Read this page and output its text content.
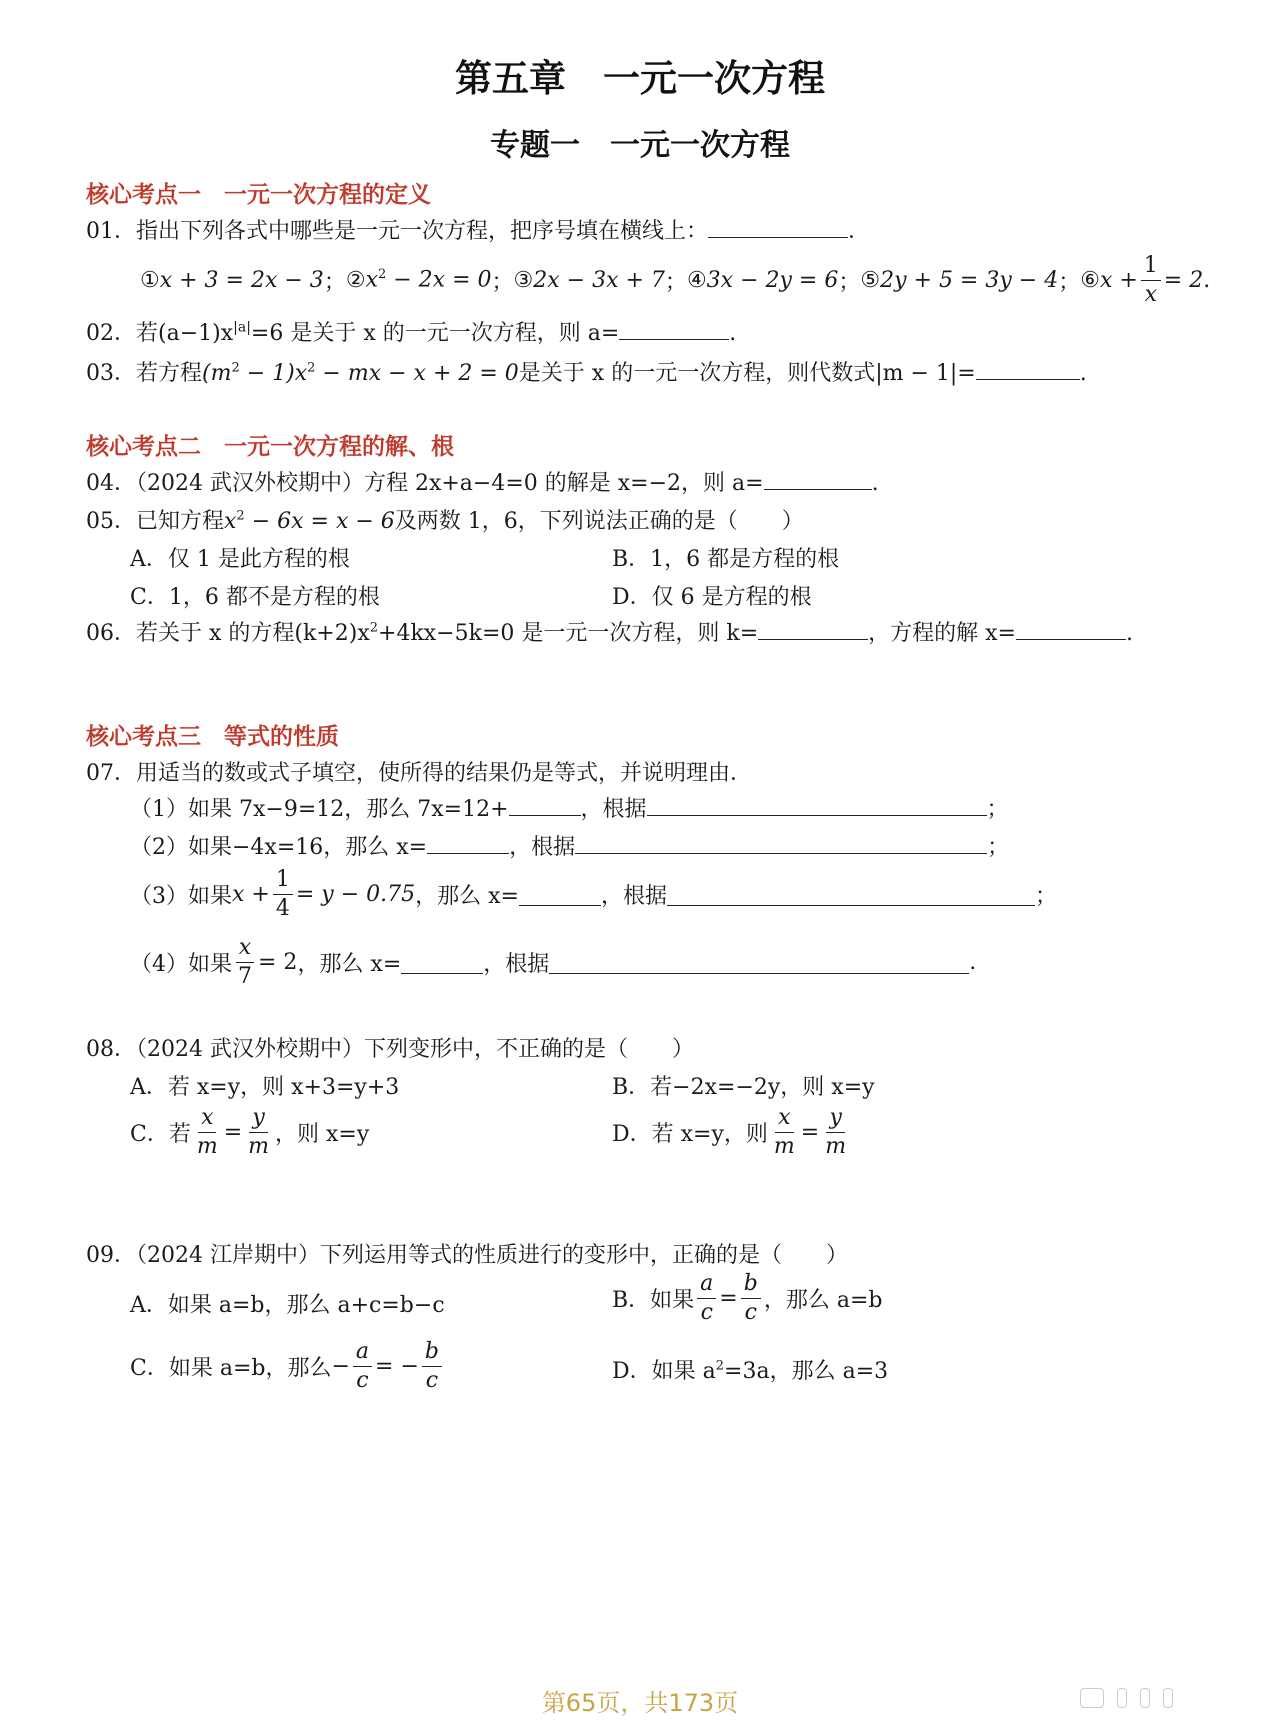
第五章　一元一次方程
专题一　一元一次方程
核心考点一　一元一次方程的定义
01．指出下列各式中哪些是一元一次方程，把序号填在横线上：	．
① x + 3 = 2x − 3 ； ② $x^2 - 2x = 0$ ； ③ 2x − 3x + 7 ； ④ 3x − 2y = 6 ； ⑤ 2y + 5 = 3y − 4 ； ⑥ $x + \frac{1}{x} = 2$ .
02．若$(a-1)x^{|a|}=6$ 是关于 x 的一元一次方程，则 a=	.
03．若方程$(m^2 - 1)x^2$ − mx − x + 2 = 0是关于 x 的一元一次方程，则代数式|m − 1|=	.
核心考点二　一元一次方程的解、根
04．（2024 武汉外校期中）方程 2x+a−4=0 的解是 x=−2，则 a=	.
05．已知方程$x^2 - 6x = x - 6$及两数 1，6，下列说法正确的是（　　）
A．仅 1 是此方程的根	B．1，6 都是方程的根
C．1，6 都不是方程的根	D．仅 6 是方程的根
06．若关于 x 的方程$(k+2)x^2+4kx-5k=0$ 是一元一次方程，则 k=	，方程的解 x=	.
核心考点三　等式的性质
07．用适当的数或式子填空，使所得的结果仍是等式，并说明理由．
（1）如果 7x−9=12，那么 7x=12+	，根据	；
（2）如果−4x=16，那么 x=	，根据	；
（3）如果 $x + \frac{1}{4} = y - 0.75$ ，那么 x=	，根据	；
（4）如果 $\frac{x}{7} = 2$ ，那么 x=	，根据	.
08．（2024 武汉外校期中）下列变形中，不正确的是（　　）
A．若 x=y，则 x+3=y+3	B．若−2x=−2y，则 x=y
C．若 $\frac{x}{m} = \frac{y}{m}$ ，则 x=y	D．若 x=y，则 $\frac{x}{m} = \frac{y}{m}$
09．（2024 江岸期中）下列运用等式的性质进行的变形中，正确的是（　　）
A．如果 a=b，那么 a+c=b−c	B．如果 $\frac{a}{c} = \frac{b}{c}$ ，那么 a=b
C．如果 a=b，那么 − $\frac{a}{c}$ = − $\frac{b}{c}$	D．如果 $a^2=3a$，那么 a=3
第65页，共173页
